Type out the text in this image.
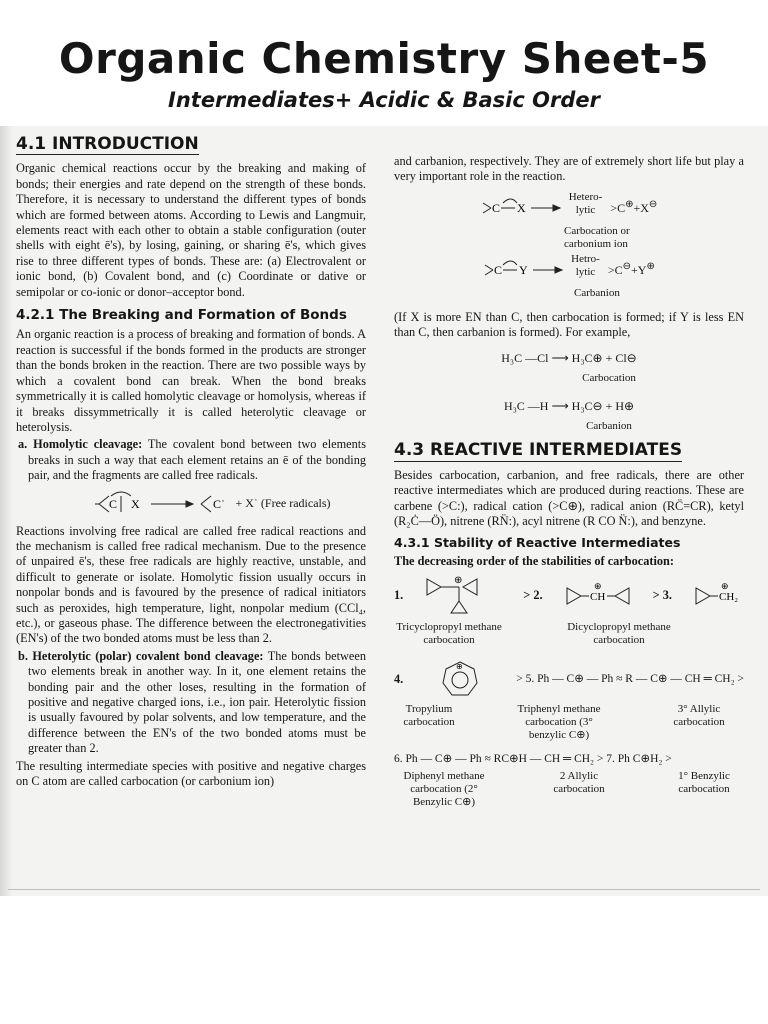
Organic Chemistry Sheet-5
Intermediates+ Acidic & Basic Order
4.1 INTRODUCTION

Organic chemical reactions occur by the breaking and making of bonds; their energies and rate depend on the strength of these bonds. Therefore, it is necessary to understand the different types of bonds which are formed between atoms. According to Lewis and Langmuir, elements react with each other to obtain a stable configuration (outer shells with eight ē's), by losing, gaining, or sharing ē's, which gives rise to three different types of bonds. These are: (a) Electrovalent or ionic bond, (b) Covalent bond, and (c) Coordinate or dative or semipolar or co-ionic or donor–acceptor bond.

4.2.1 The Breaking and Formation of Bonds

An organic reaction is a process of breaking and formation of bonds. A reaction is successful if the bonds formed in the products are stronger than the bonds broken in the reaction. There are two possible ways by which a covalent bond can break. When the bond breaks symmetrically it is called homolytic cleavage or homolysis, whereas if it breaks dissymmetrically it is called heterolytic cleavage or heterolysis.

a. Homolytic cleavage: The covalent bond between two elements breaks in such a way that each element retains an ē of the bonding pair, and the fragments are called free radicals.

C X	C˙ + X˙ (Free radicals)

Reactions involving free radical are called free radical reactions and the mechanism is called free radical mechanism. Due to the presence of unpaired ē's, these free radicals are highly reactive, unstable, and difficult to generate or isolate. Homolytic fission usually occurs in nonpolar bonds and is favoured by the presence of radical initiators such as peroxides, high temperature, light, nonpolar medium (CCl₄, etc.), or gaseous phase. The difference between the electronegativities (EN's) of the two bonded atoms must be less than 2.

b. Heterolytic (polar) covalent bond cleavage: The bonds between two elements break in another way. In it, one element retains the bonding pair and the other loses, resulting in the formation of positive and negative charged ions, i.e., ion pair. Heterolytic fission is usually favoured by polar solvents, and low temperature, and the difference between the EN's of the two bonded atoms must be greater than 2.

The resulting intermediate species with positive and negative charges on C atom are called carbocation (or carbonium ion)

and carbanion, respectively. They are of extremely short life but play a very important role in the reaction.

C X
Hetero-
lytic	>C⊕+X⊖
Carbocation or
carbonium ion
C Y
Hetro-
lytic	>C⊖+Y⊕
Carbanion

(If X is more EN than C, then carbocation is formed; if Y is less EN than C, then carbanion is formed). For example,

H₃C —Cl ⟶ H₃C⊕ + Cl⊖
Carbocation
H₃C —H ⟶ H₃C⊖ + H⊕
Carbanion
4.3 REACTIVE INTERMEDIATES

Besides carbocation, carbanion, and free radicals, there are other reactive intermediates which are produced during reactions. These are carbene (>C:), radical cation (>C⊕), radical anion (RC̈=CR), ketyl (R₂Ċ—Ö), nitrene (RN̈:), acyl nitrene (R CO N̈:), and benzyne.

4.3.1 Stability of Reactive Intermediates

The decreasing order of the stabilities of carbocation:

1.
⊕
> 2.	CH
⊕
> 3.	CH₂
⊕
Tricyclopropyl methane carbocation
Dicyclopropyl methane carbocation
4.
⊕
> 5. Ph — C⊕ — Ph ≈ R — C⊕ — CH ═ CH₂ >
Tropylium carbocation
Triphenyl methane carbocation (3° benzylic C⊕)
3° Allylic carbocation
6. Ph — C⊕ — Ph ≈ RC⊕H — CH ═ CH₂ > 7. Ph C⊕H₂ >
Diphenyl methane carbocation (2° Benzylic C⊕)
2 Allylic carbocation
1° Benzylic carbocation
